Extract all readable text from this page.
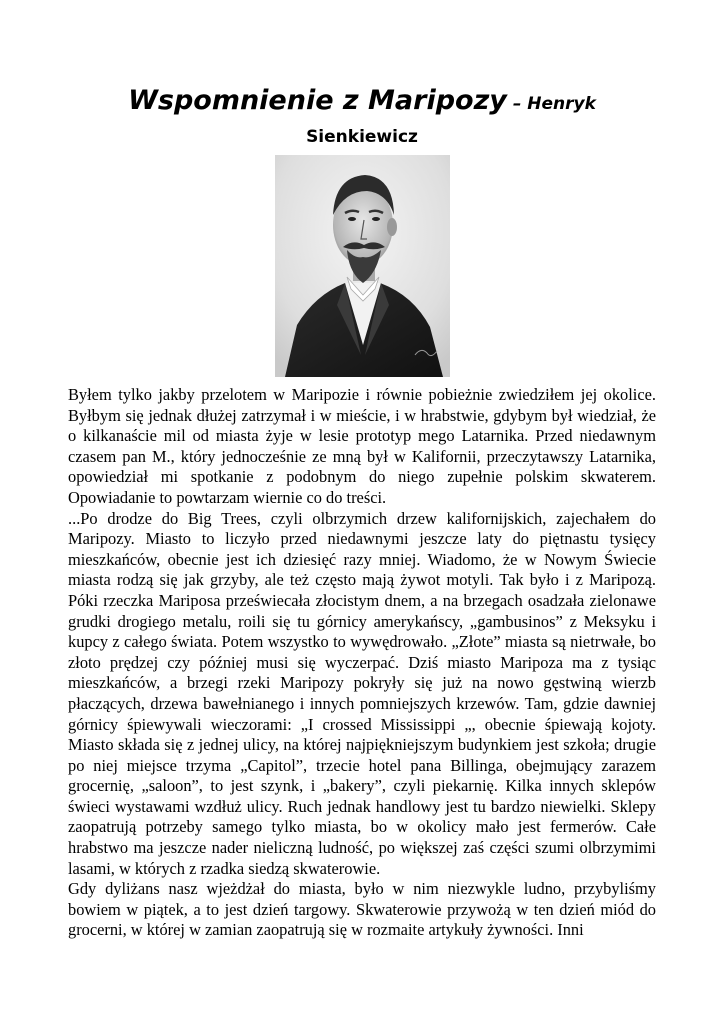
Wspomnienie z Maripozy – Henryk
Sienkiewicz

Byłem tylko jakby przelotem w Maripozie i równie pobieżnie zwiedziłem jej okolice. Byłbym się jednak dłużej zatrzymał i w mieście, i w hrabstwie, gdybym był wiedział, że o kilkanaście mil od miasta żyje w lesie prototyp mego Latarnika. Przed niedawnym czasem pan M., który jednocześnie ze mną był w Kalifornii, przeczytawszy Latarnika, opowiedział mi spotkanie z podobnym do niego zupełnie polskim skwaterem. Opowiadanie to powtarzam wiernie co do treści.

...Po drodze do Big Trees, czyli olbrzymich drzew kalifornijskich, zajechałem do Maripozy. Miasto to liczyło przed niedawnymi jeszcze laty do piętnastu tysięcy mieszkańców, obecnie jest ich dziesięć razy mniej. Wiadomo, że w Nowym Świecie miasta rodzą się jak grzyby, ale też często mają żywot motyli. Tak było i z Maripozą. Póki rzeczka Mariposa przeświecała złocistym dnem, a na brzegach osadzała zielonawe grudki drogiego metalu, roili się tu górnicy amerykańscy, „gambusinos” z Meksyku i kupcy z całego świata. Potem wszystko to wywędrowało. „Złote” miasta są nietrwałe, bo złoto prędzej czy później musi się wyczerpać. Dziś miasto Maripoza ma z tysiąc mieszkańców, a brzegi rzeki Maripozy pokryły się już na nowo gęstwiną wierzb płaczących, drzewa bawełnianego i innych pomniejszych krzewów. Tam, gdzie dawniej górnicy śpiewywali wieczorami: „I crossed Mississippi „, obecnie śpiewają kojoty. Miasto składa się z jednej ulicy, na której najpiękniejszym budynkiem jest szkoła; drugie po niej miejsce trzyma „Capitol”, trzecie hotel pana Billinga, obejmujący zarazem grocernię, „saloon”, to jest szynk, i „bakery”, czyli piekarnię. Kilka innych sklepów świeci wystawami wzdłuż ulicy. Ruch jednak handlowy jest tu bardzo niewielki. Sklepy zaopatrują potrzeby samego tylko miasta, bo w okolicy mało jest fermerów. Całe hrabstwo ma jeszcze nader nieliczną ludność, po większej zaś części szumi olbrzymimi lasami, w których z rzadka siedzą skwaterowie.

Gdy dyliżans nasz wjeżdżał do miasta, było w nim niezwykle ludno, przybyliśmy bowiem w piątek, a to jest dzień targowy. Skwaterowie przywożą w ten dzień miód do grocerni, w której w zamian zaopatrują się w rozmaite artykuły żywności. Inni
